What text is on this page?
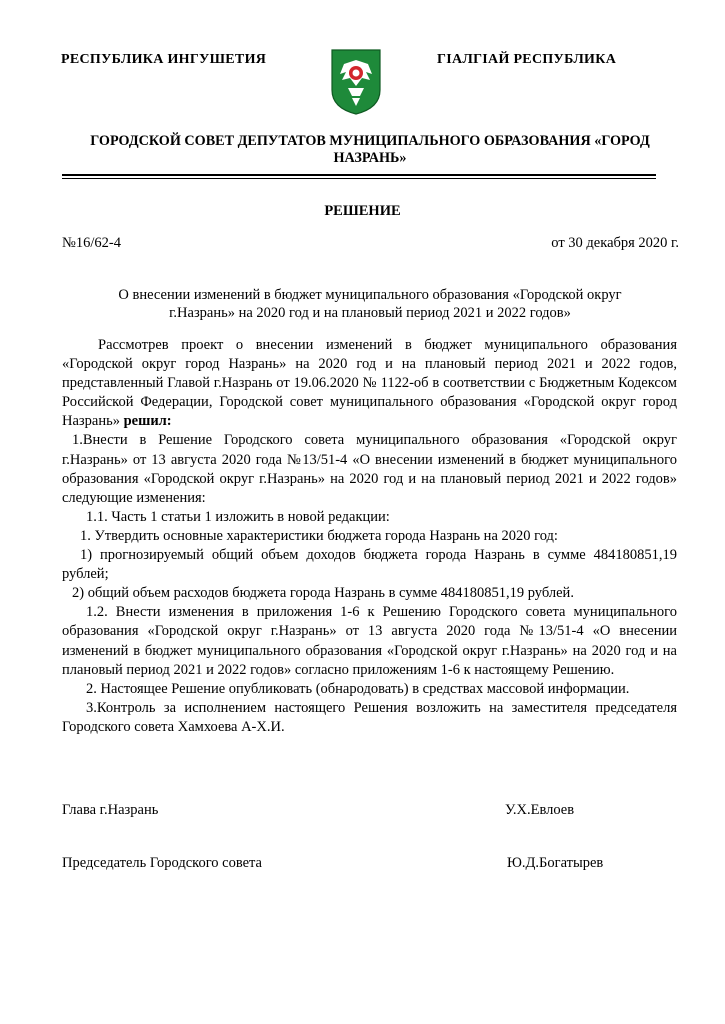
РЕСПУБЛИКА ИНГУШЕТИЯ	ГIАЛГIАЙ РЕСПУБЛИКА
ГОРОДСКОЙ СОВЕТ ДЕПУТАТОВ МУНИЦИПАЛЬНОГО ОБРАЗОВАНИЯ «ГОРОД
НАЗРАНЬ»
РЕШЕНИЕ
№16/62-4	от 30 декабря 2020 г.
О внесении изменений в бюджет муниципального образования «Городской округ
г.Назрань» на 2020 год и на плановый период 2021 и 2022 годов»

Рассмотрев проект о внесении изменений в бюджет муниципального образования «Городской округ город Назрань» на 2020 год и на плановый период 2021 и 2022 годов, представленный Главой г.Назрань от 19.06.2020 № 1122-об в соответствии с Бюджетным Кодексом Российской Федерации, Городской совет муниципального образования «Городской округ город Назрань» решил:

1.Внести в Решение Городского совета муниципального образования «Городской округ г.Назрань» от 13 августа 2020 года №13/51-4 «О внесении изменений в бюджет муниципального образования «Городской округ г.Назрань» на 2020 год и на плановый период 2021 и 2022 годов» следующие изменения:

1.1. Часть 1 статьи 1 изложить в новой редакции:

1. Утвердить основные характеристики бюджета города Назрань на 2020 год:

1) прогнозируемый общий объем доходов бюджета города Назрань в сумме 484180851,19 рублей;

2) общий объем расходов бюджета города Назрань в сумме 484180851,19 рублей.

1.2. Внести изменения в приложения 1-6 к Решению Городского совета муниципального образования «Городской округ г.Назрань» от 13 августа 2020 года №13/51-4 «О внесении изменений в бюджет муниципального образования «Городской округ г.Назрань» на 2020 год и на плановый период 2021 и 2022 годов» согласно приложениям 1-6 к настоящему Решению.

2. Настоящее Решение опубликовать (обнародовать) в средствах массовой информации.

3.Контроль за исполнением настоящего Решения возложить на заместителя председателя Городского совета Хамхоева А-Х.И.

Глава г.Назрань	У.Х.Евлоев
Председатель Городского совета	Ю.Д.Богатырев
